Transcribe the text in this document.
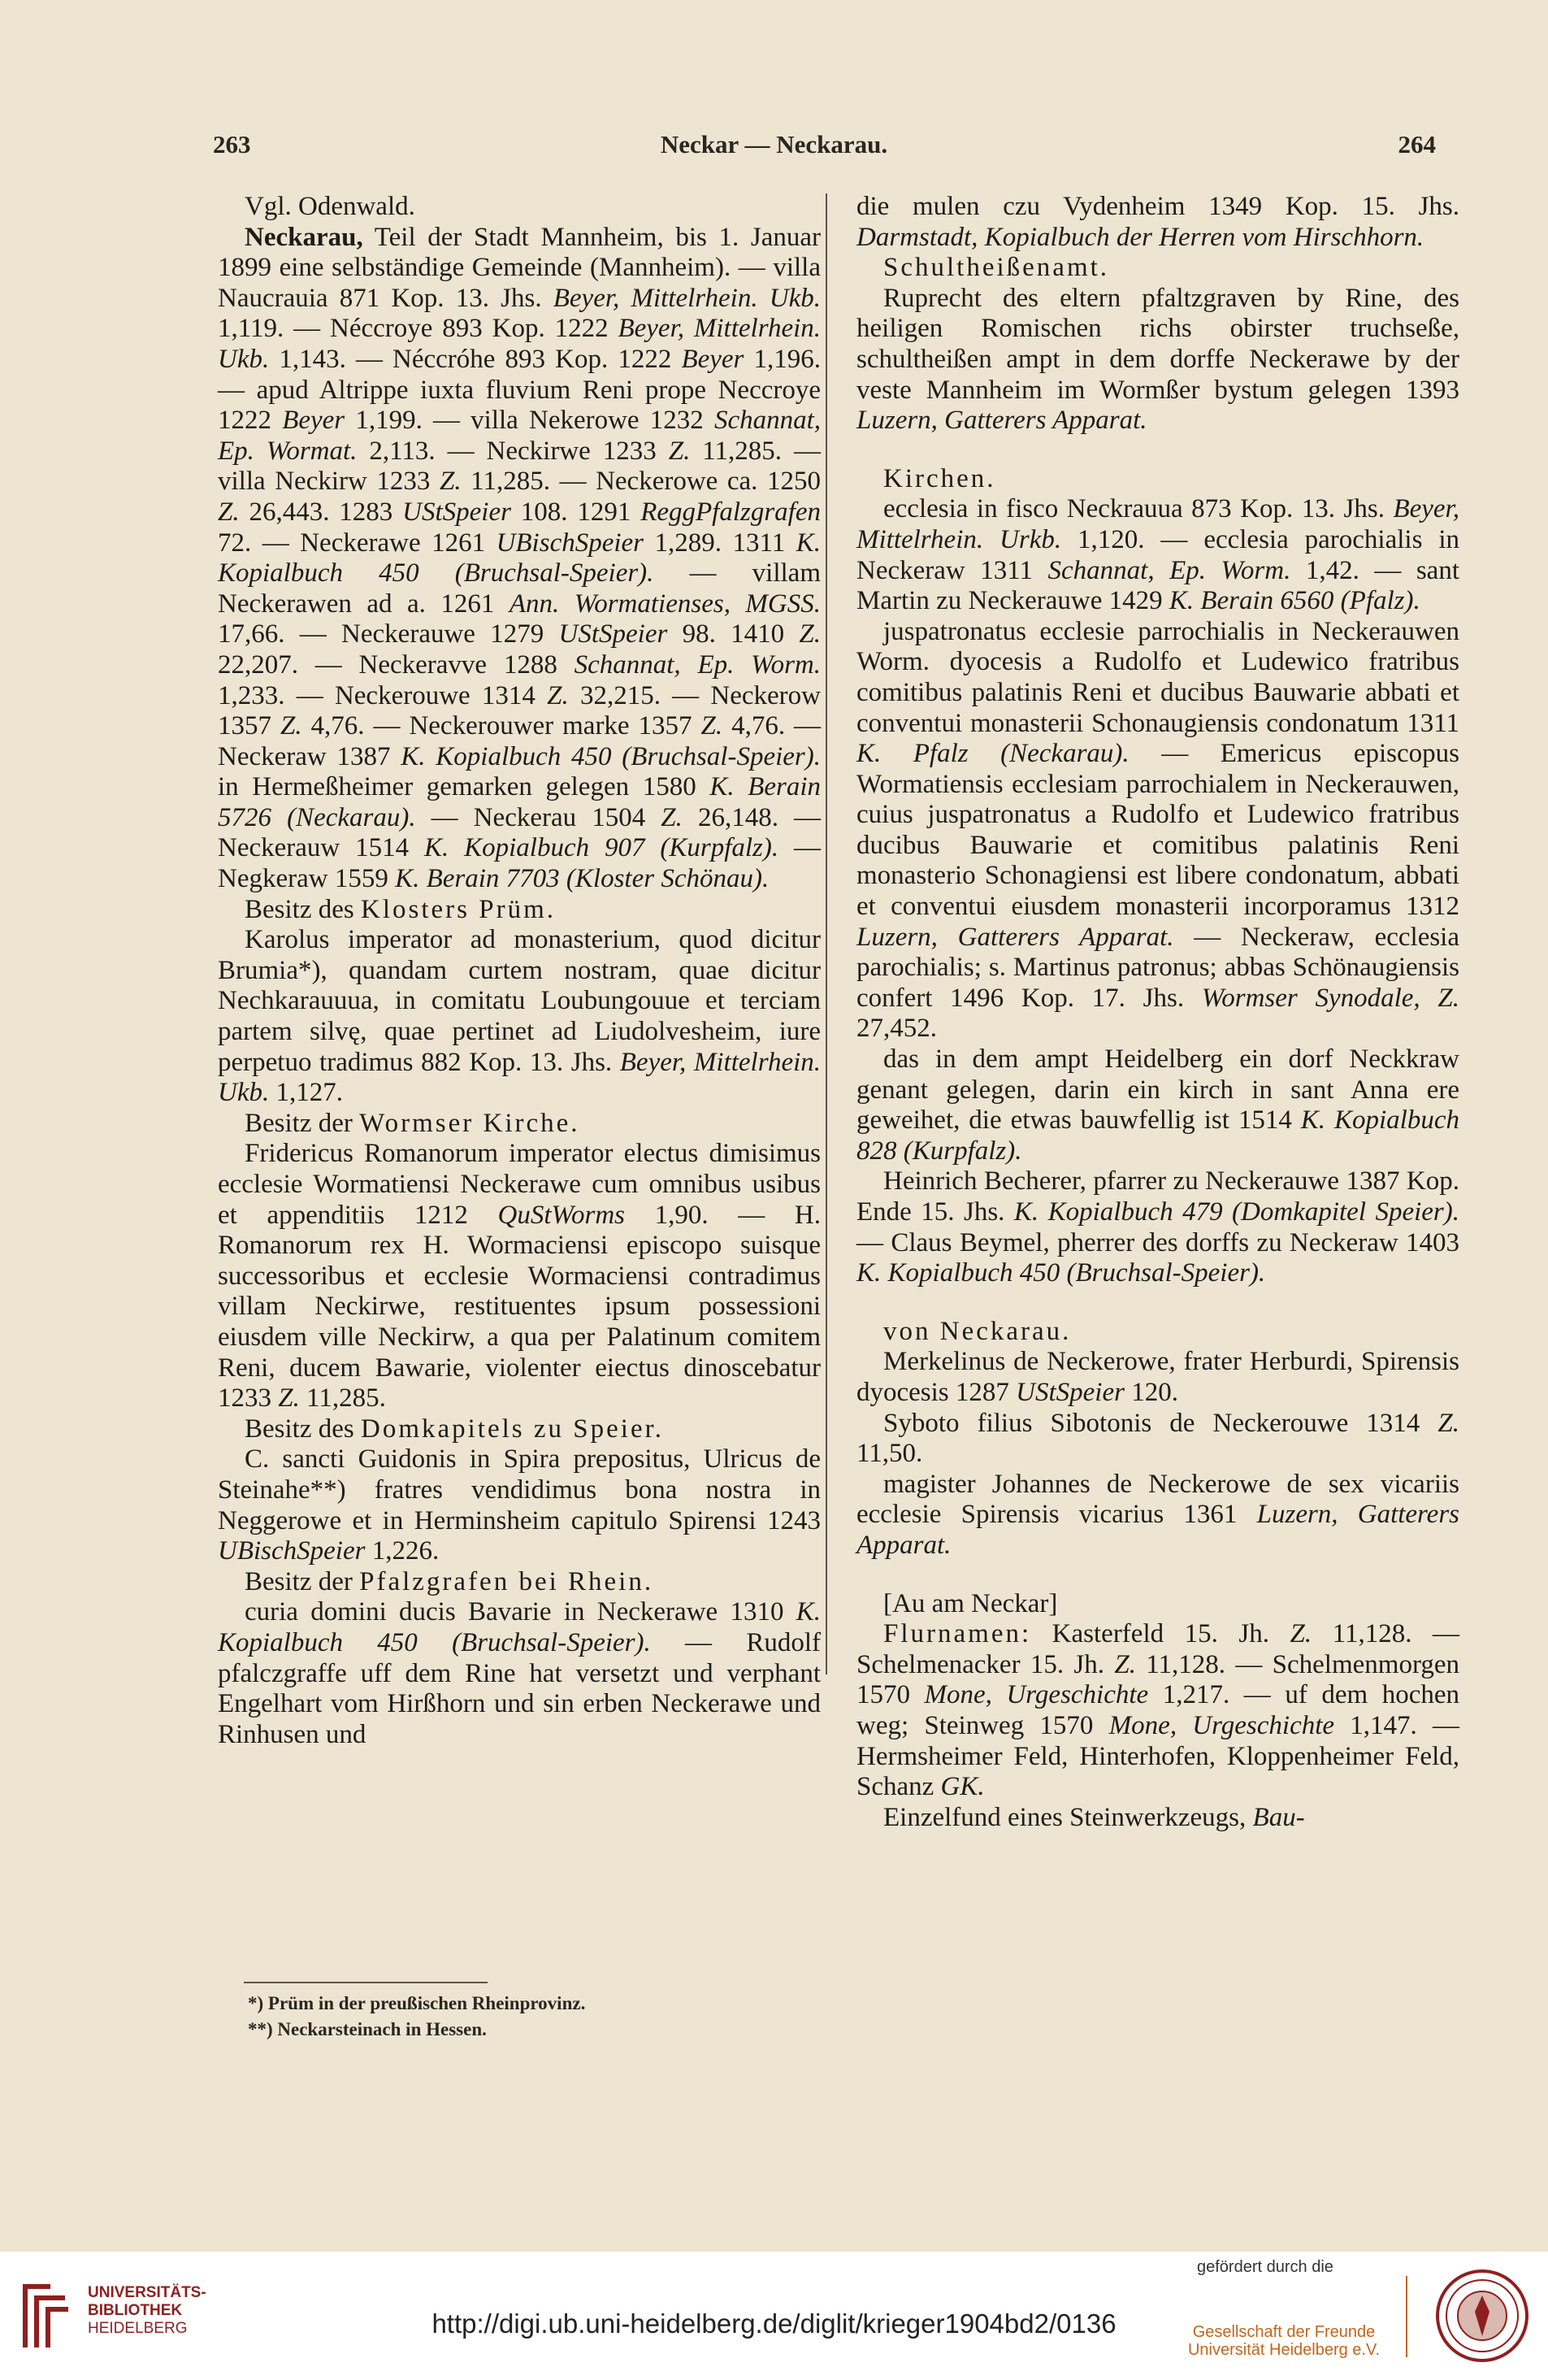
263	Neckar — Neckarau.	264

Vgl. Odenwald.

Neckarau, Teil der Stadt Mannheim, bis 1. Januar 1899 eine selbständige Gemeinde (Mannheim). — villa Naucrauia 871 Kop. 13. Jhs. Beyer, Mittelrhein. Ukb. 1,119. — Néccroye 893 Kop. 1222 Beyer, Mittelrhein. Ukb. 1,143. — Néccróhe 893 Kop. 1222 Beyer 1,196. — apud Altrippe iuxta fluvium Reni prope Neccroye 1222 Beyer 1,199. — villa Nekerowe 1232 Schannat, Ep. Wormat. 2,113. — Neckirwe 1233 Z. 11,285. — villa Neckirw 1233 Z. 11,285. — Neckerowe ca. 1250 Z. 26,443. 1283 UStSpeier 108. 1291 ReggPfalzgrafen 72. — Neckerawe 1261 UBischSpeier 1,289. 1311 K. Kopialbuch 450 (Bruchsal-Speier). — villam Neckerawen ad a. 1261 Ann. Wormatienses, MGSS. 17,66. — Neckerauwe 1279 UStSpeier 98. 1410 Z. 22,207. — Neckeravve 1288 Schannat, Ep. Worm. 1,233. — Neckerouwe 1314 Z. 32,215. — Neckerow 1357 Z. 4,76. — Neckerouwer marke 1357 Z. 4,76. — Neckeraw 1387 K. Kopialbuch 450 (Bruchsal-Speier). in Hermeßheimer gemarken gelegen 1580 K. Berain 5726 (Neckarau). — Neckerau 1504 Z. 26,148. — Neckerauw 1514 K. Kopialbuch 907 (Kurpfalz). — Negkeraw 1559 K. Berain 7703 (Kloster Schönau).

Besitz des Klosters Prüm.

Karolus imperator ad monasterium, quod dicitur Brumia*), quandam curtem nostram, quae dicitur Nechkarauuua, in comitatu Loubungouue et terciam partem silvę, quae pertinet ad Liudolvesheim, iure perpetuo tradimus 882 Kop. 13. Jhs. Beyer, Mittelrhein. Ukb. 1,127.

Besitz der Wormser Kirche.

Fridericus Romanorum imperator electus dimisimus ecclesie Wormatiensi Neckerawe cum omnibus usibus et appenditiis 1212 QuStWorms 1,90. — H. Romanorum rex H. Wormaciensi episcopo suisque successoribus et ecclesie Wormaciensi contradimus villam Neckirwe, restituentes ipsum possessioni eiusdem ville Neckirw, a qua per Palatinum comitem Reni, ducem Bawarie, violenter eiectus dinoscebatur 1233 Z. 11,285.

Besitz des Domkapitels zu Speier.

C. sancti Guidonis in Spira prepositus, Ulricus de Steinahe**) fratres vendidimus bona nostra in Neggerowe et in Herminsheim capitulo Spirensi 1243 UBischSpeier 1,226.

Besitz der Pfalzgrafen bei Rhein.

curia domini ducis Bavarie in Neckerawe 1310 K. Kopialbuch 450 (Bruchsal-Speier). — Rudolf pfalczgraffe uff dem Rine hat versetzt und verphant Engelhart vom Hirßhorn und sin erben Neckerawe und Rinhusen und

*) Prüm in der preußischen Rheinprovinz.
**) Neckarsteinach in Hessen.

die mulen czu Vydenheim 1349 Kop. 15. Jhs. Darmstadt, Kopialbuch der Herren vom Hirschhorn.

Schultheißenamt.

Ruprecht des eltern pfaltzgraven by Rine, des heiligen Romischen richs obirster truchseße, schultheißen ampt in dem dorffe Neckerawe by der veste Mannheim im Wormßer bystum gelegen 1393 Luzern, Gatterers Apparat.

Kirchen.

ecclesia in fisco Neckrauua 873 Kop. 13. Jhs. Beyer, Mittelrhein. Urkb. 1,120. — ecclesia parochialis in Neckeraw 1311 Schannat, Ep. Worm. 1,42. — sant Martin zu Neckerauwe 1429 K. Berain 6560 (Pfalz).

juspatronatus ecclesie parrochialis in Neckerauwen Worm. dyocesis a Rudolfo et Ludewico fratribus comitibus palatinis Reni et ducibus Bauwarie abbati et conventui monasterii Schonaugiensis condonatum 1311 K. Pfalz (Neckarau). — Emericus episcopus Wormatiensis ecclesiam parrochialem in Neckerauwen, cuius juspatronatus a Rudolfo et Ludewico fratribus ducibus Bauwarie et comitibus palatinis Reni monasterio Schonagiensi est libere condonatum, abbati et conventui eiusdem monasterii incorporamus 1312 Luzern, Gatterers Apparat. — Neckeraw, ecclesia parochialis; s. Martinus patronus; abbas Schönaugiensis confert 1496 Kop. 17. Jhs. Wormser Synodale, Z. 27,452.

das in dem ampt Heidelberg ein dorf Neckkraw genant gelegen, darin ein kirch in sant Anna ere geweihet, die etwas bauwfellig ist 1514 K. Kopialbuch 828 (Kurpfalz).

Heinrich Becherer, pfarrer zu Neckerauwe 1387 Kop. Ende 15. Jhs. K. Kopialbuch 479 (Domkapitel Speier). — Claus Beymel, pherrer des dorffs zu Neckeraw 1403 K. Kopialbuch 450 (Bruchsal-Speier).

von Neckarau.

Merkelinus de Neckerowe, frater Herburdi, Spirensis dyocesis 1287 UStSpeier 120.

Syboto filius Sibotonis de Neckerouwe 1314 Z. 11,50.

magister Johannes de Neckerowe de sex vicariis ecclesie Spirensis vicarius 1361 Luzern, Gatterers Apparat.

[Au am Neckar]

Flurnamen: Kasterfeld 15. Jh. Z. 11,128. — Schelmenacker 15. Jh. Z. 11,128. — Schelmenmorgen 1570 Mone, Urgeschichte 1,217. — uf dem hochen weg; Steinweg 1570 Mone, Urgeschichte 1,147. — Hermsheimer Feld, Hinterhofen, Kloppenheimer Feld, Schanz GK.

Einzelfund eines Steinwerkzeugs, Bau-

UNIVERSITÄTS-
BIBLIOTHEK
HEIDELBERG	http://digi.ub.uni-heidelberg.de/diglit/krieger1904bd2/0136
gefördert durch die
Gesellschaft der Freunde
Universität Heidelberg e.V.
